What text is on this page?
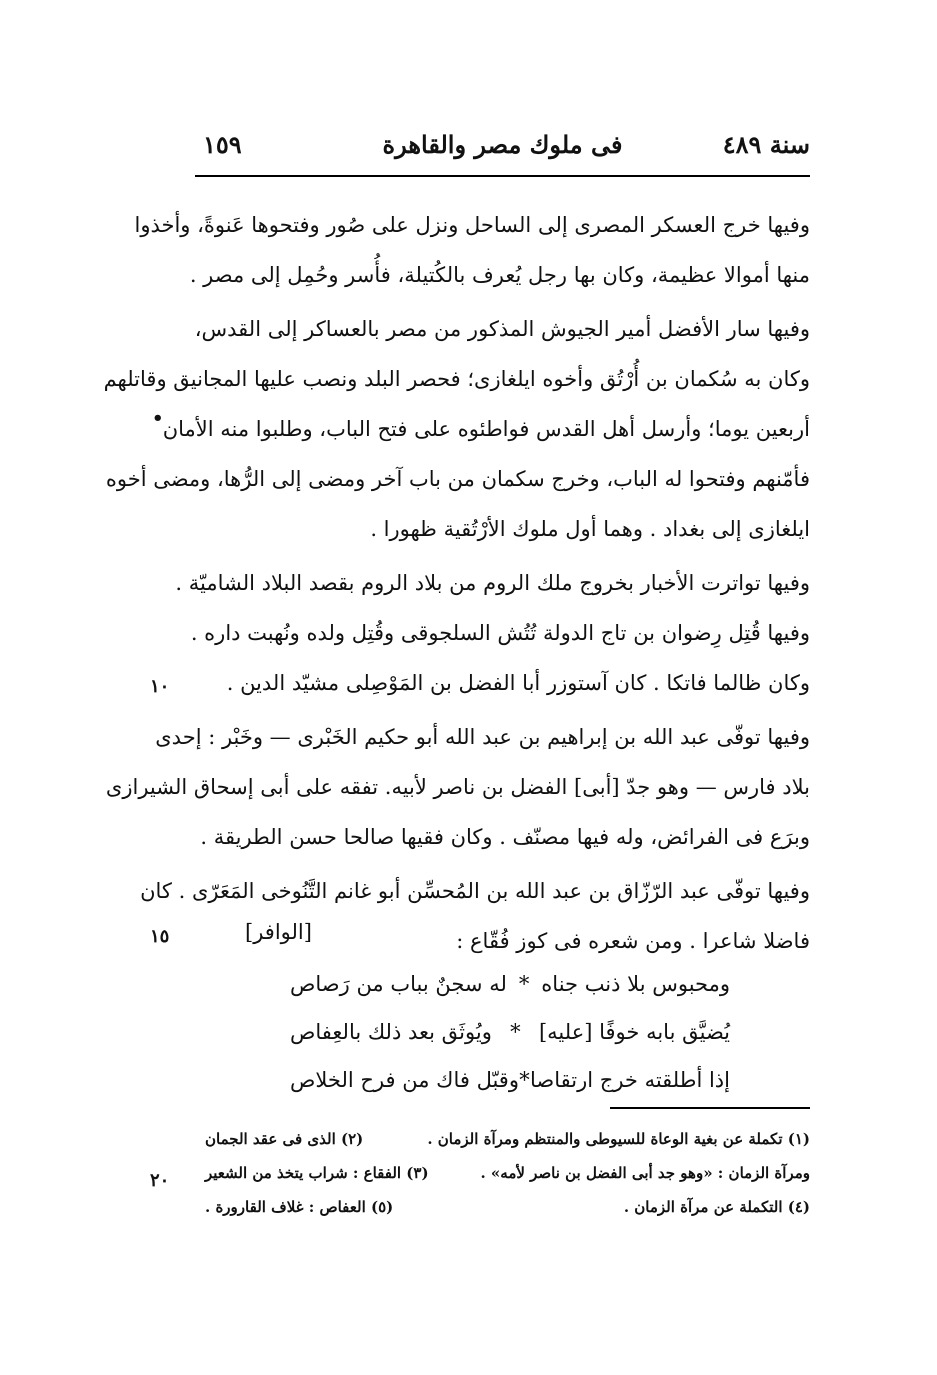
سنة ٤٨٩
فى ملوك مصر والقاهرة
١٥٩
وفيها خرج العسكر المصرى إلى الساحل ونزل على صُور وفتحوها عَنوةً، وأخذوا
منها أموالا عظيمة، وكان بها رجل يُعرف بالكُتيلة، فأُسر وحُمِل إلى مصر .
وفيها سار الأفضل أمير الجيوش المذكور من مصر بالعساكر إلى القدس،
وكان به سُكمان بن أُرْتُق وأخوه ايلغازى؛ فحصر البلد ونصب عليها المجانيق وقاتلهم
أربعين يوما؛ وأرسل أهل القدس فواطئوه على فتح الباب، وطلبوا منه الأمان
فأمّنهم وفتحوا له الباب، وخرج سكمان من باب آخر ومضى إلى الرُّها، ومضى أخوه
ايلغازى إلى بغداد . وهما أول ملوك الأرْتُقية ظهورا .
وفيها تواترت الأخبار بخروج ملك الروم من بلاد الروم بقصد البلاد الشاميّة .
وفيها قُتِل رِضوان بن تاج الدولة تُتُش السلجوقى وقُتِل ولده ونُهبت داره .
وكان ظالما فاتكا . كان آستوزر أبا الفضل بن المَوْصِلى مشيّد الدين .
وفيها توفّى عبد الله بن إبراهيم بن عبد الله أبو حكيم الخَبْرى — وخَبْر : إحدى
بلاد فارس — وهو جدّ [أبى] الفضل بن ناصر لأبيه. تفقه على أبى إسحاق الشيرازى
وبرَع فى الفرائض، وله فيها مصنّف . وكان فقيها صالحا حسن الطريقة .
وفيها توفّى عبد الرّزّاق بن عبد الله بن المُحسِّن أبو غانم التَّنُوخى المَعَرّى . كان
فاضلا شاعرا . ومن شعره فى كوز فُقّاع :
[الوافر]
ومحبوس بلا ذنب جناه
*
له سجنٌ بباب من رَصاص
يُضيَّق بابه خوفًا [عليه]
*
ويُوثَق بعد ذلك بالعِفاص
إذا أطلقته خرج ارتقاصا
*
وقبّل فاك من فرح الخلاص
(١) تكملة عن بغية الوعاة للسيوطى والمنتظم ومرآة الزمان .
(٢) الذى فى عقد الجمان
ومرآة الزمان : «وهو جد أبى الفضل بن ناصر لأمه» .
(٣) الفقاع : شراب يتخذ من الشعير
(٤) التكملة عن مرآة الزمان .
(٥) العفاص : غلاف القارورة .
•
١٠
١٥
٢٠
